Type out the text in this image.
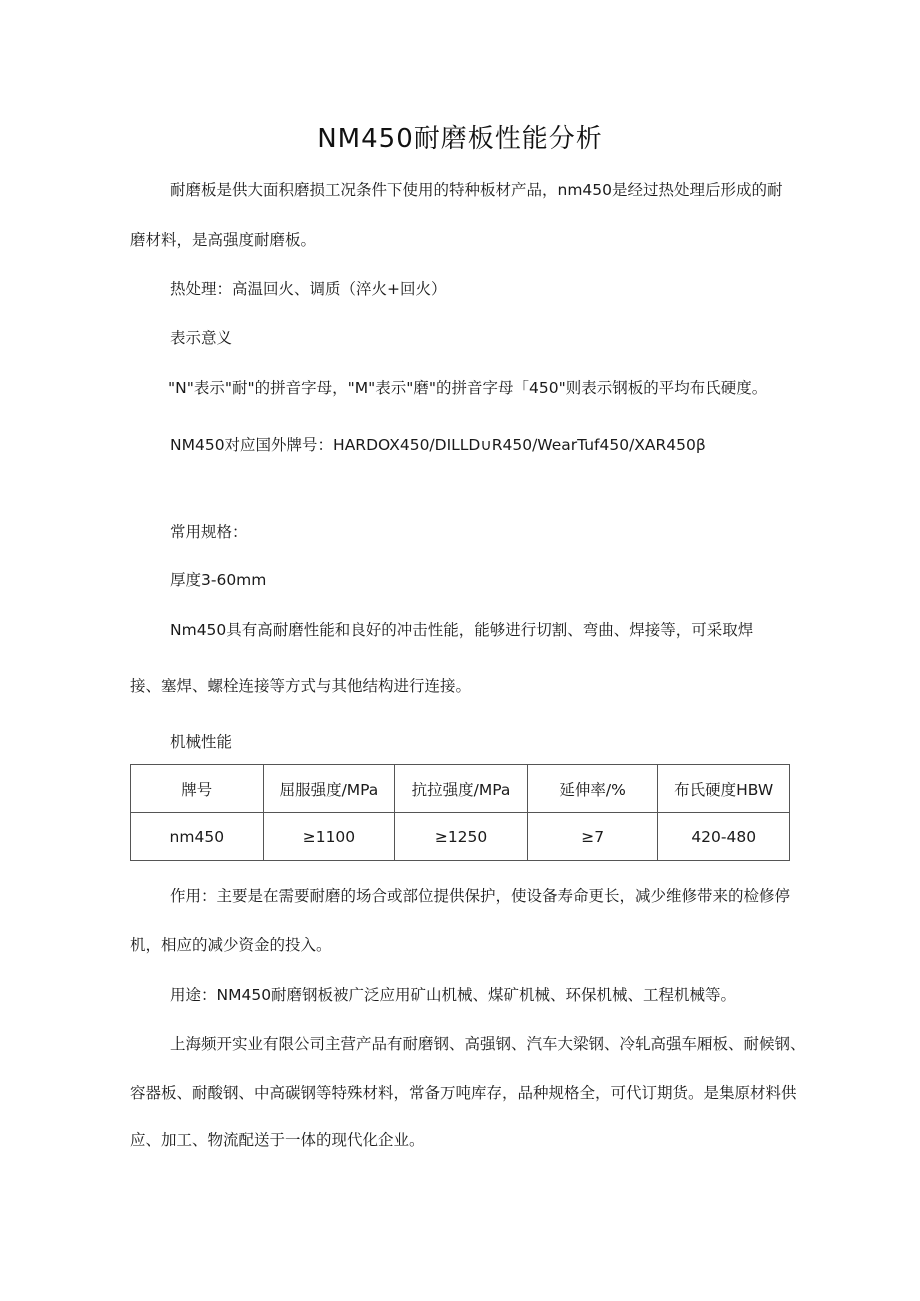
NM450耐磨板性能分析
耐磨板是供大面积磨损工况条件下使用的特种板材产品，nm450是经过热处理后形成的耐
磨材料，是高强度耐磨板。
热处理：高温回火、调质（淬火+回火）
表示意义
"N"表示"耐"的拼音字母，"M"表示"磨"的拼音字母「450"则表示钢板的平均布氏硬度。
NM450对应国外牌号：HARDOX450∕DILLD∪R450∕WearTuf450∕XAR450β
常用规格：
厚度3-60mm
Nm450具有高耐磨性能和良好的冲击性能，能够进行切割、弯曲、焊接等，可采取焊
接、塞焊、螺栓连接等方式与其他结构进行连接。
机械性能
牌号	屈服强度/MPa	抗拉强度/MPa	延伸率/%	布氏硬度HBW
nm450	≥1100	≥1250	≥7	420-480
作用：主要是在需要耐磨的场合或部位提供保护，使设备寿命更长，减少维修带来的检修停
机，相应的减少资金的投入。
用途：NM450耐磨钢板被广泛应用矿山机械、煤矿机械、环保机械、工程机械等。
上海频开实业有限公司主营产品有耐磨钢、高强钢、汽车大梁钢、冷轧高强车厢板、耐候钢、
容器板、耐酸钢、中高碳钢等特殊材料，常备万吨库存，品种规格全，可代订期货。是集原材料供
应、加工、物流配送于一体的现代化企业。
